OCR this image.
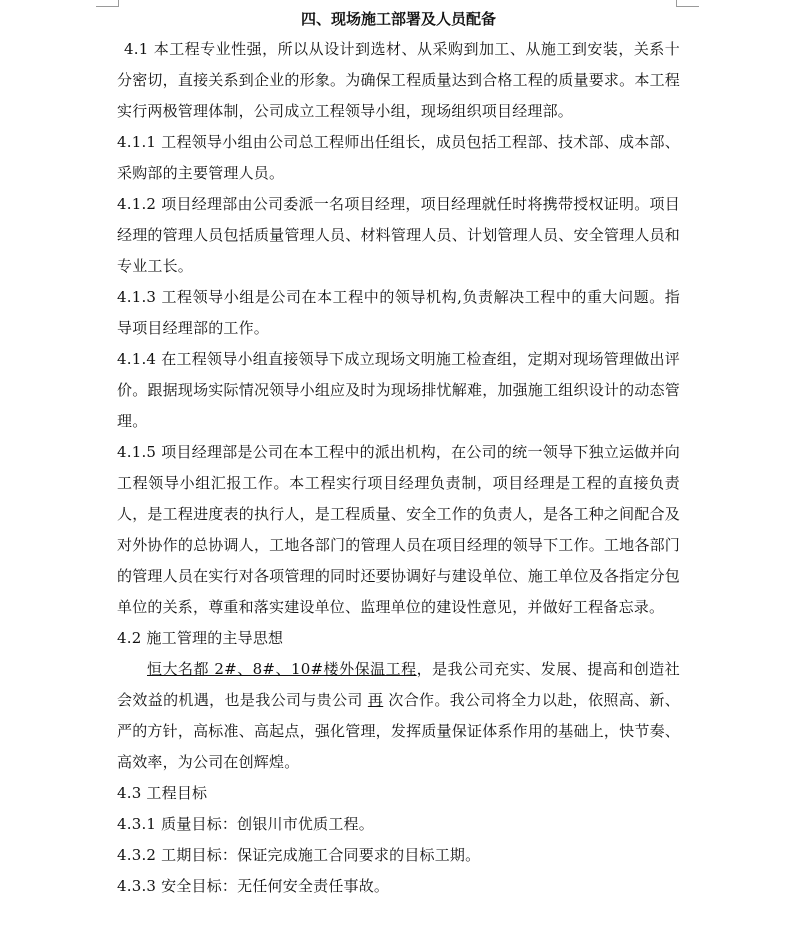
四、现场施工部署及人员配备

4.1 本工程专业性强，所以从设计到选材、从采购到加工、从施工到安装，关系十分密切，直接关系到企业的形象。为确保工程质量达到合格工程的质量要求。本工程实行两极管理体制，公司成立工程领导小组，现场组织项目经理部。

4.1.1 工程领导小组由公司总工程师出任组长，成员包括工程部、技术部、成本部、采购部的主要管理人员。

4.1.2 项目经理部由公司委派一名项目经理，项目经理就任时将携带授权证明。项目经理的管理人员包括质量管理人员、材料管理人员、计划管理人员、安全管理人员和专业工长。

4.1.3 工程领导小组是公司在本工程中的领导机构,负责解决工程中的重大问题。指导项目经理部的工作。

4.1.4 在工程领导小组直接领导下成立现场文明施工检查组，定期对现场管理做出评价。跟据现场实际情况领导小组应及时为现场排忧解难，加强施工组织设计的动态管理。

4.1.5 项目经理部是公司在本工程中的派出机构，在公司的统一领导下独立运做并向工程领导小组汇报工作。本工程实行项目经理负责制，项目经理是工程的直接负责人，是工程进度表的执行人，是工程质量、安全工作的负责人，是各工种之间配合及对外协作的总协调人，工地各部门的管理人员在项目经理的领导下工作。工地各部门的管理人员在实行对各项管理的同时还要协调好与建设单位、施工单位及各指定分包单位的关系，尊重和落实建设单位、监理单位的建设性意见，并做好工程备忘录。

4.2 施工管理的主导思想

恒大名都 2#、8#、10#楼外保温工程，是我公司充实、发展、提高和创造社会效益的机遇，也是我公司与贵公司 再 次合作。我公司将全力以赴，依照高、新、严的方针，高标准、高起点，强化管理，发挥质量保证体系作用的基础上，快节奏、高效率，为公司在创辉煌。

4.3 工程目标

4.3.1 质量目标：创银川市优质工程。

4.3.2 工期目标：保证完成施工合同要求的目标工期。

4.3.3 安全目标：无任何安全责任事故。
